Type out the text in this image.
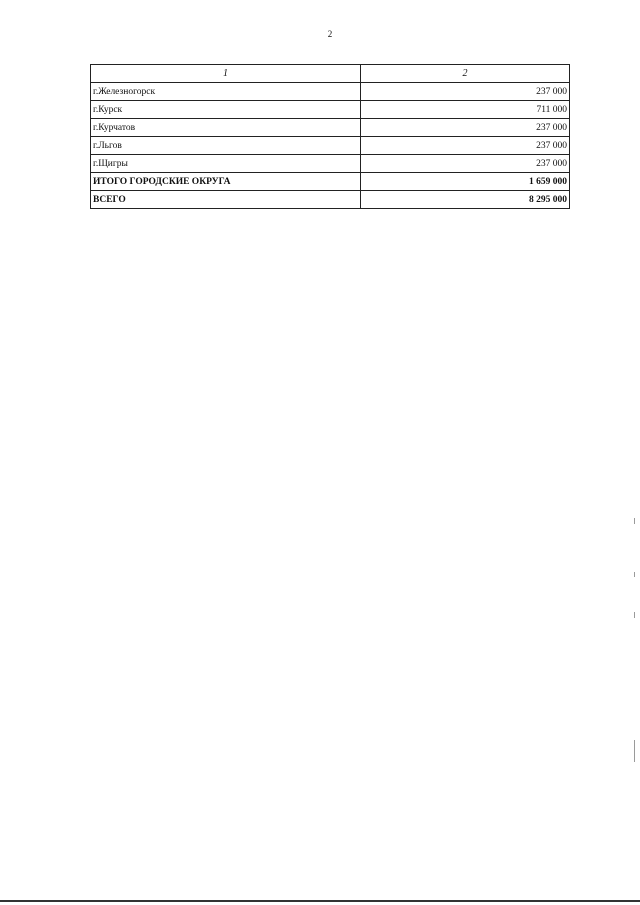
2
1	2
г.Железногорск	237 000
г.Курск	711 000
г.Курчатов	237 000
г.Льгов	237 000
г.Щигры	237 000
ИТОГО ГОРОДСКИЕ ОКРУГА	1 659 000
ВСЕГО	8 295 000
